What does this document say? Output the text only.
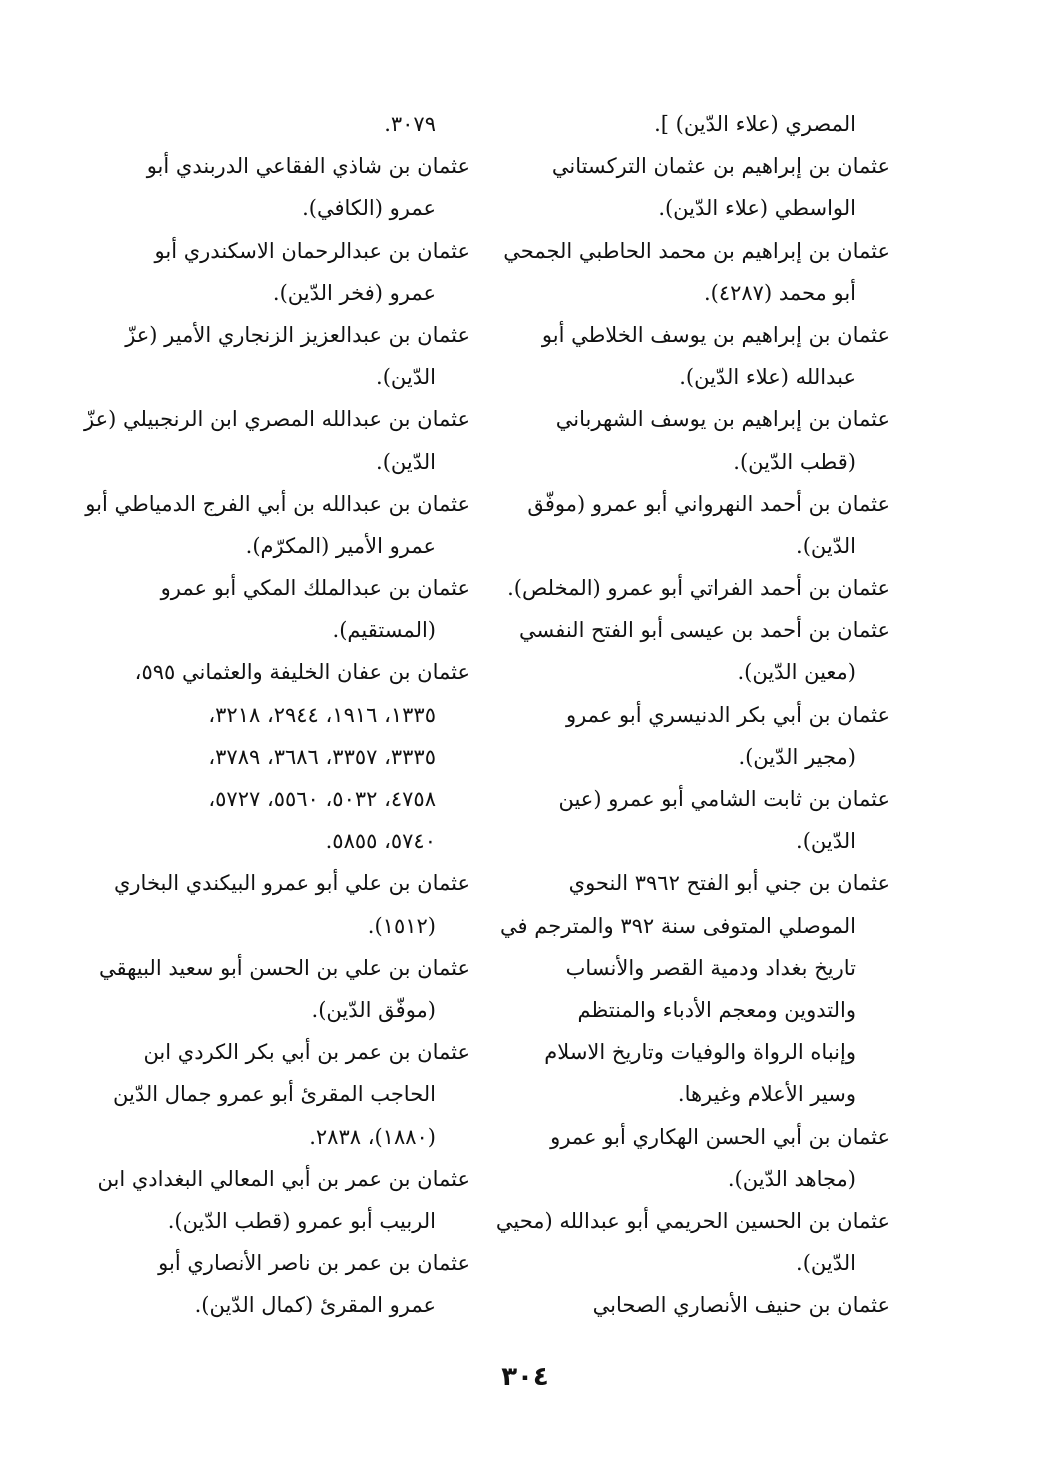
المصري (علاء الدّين) ].
عثمان بن إبراهيم بن عثمان التركستاني
الواسطي (علاء الدّين).
عثمان بن إبراهيم بن محمد الحاطبي الجمحي
أبو محمد (٤٢٨٧).
عثمان بن إبراهيم بن يوسف الخلاطي أبو
عبدالله (علاء الدّين).
عثمان بن إبراهيم بن يوسف الشهرباني
(قطب الدّين).
عثمان بن أحمد النهرواني أبو عمرو (موفّق
الدّين).
عثمان بن أحمد الفراتي أبو عمرو (المخلص).
عثمان بن أحمد بن عيسى أبو الفتح النفسي
(معين الدّين).
عثمان بن أبي بكر الدنيسري أبو عمرو
(مجير الدّين).
عثمان بن ثابت الشامي أبو عمرو (عين
الدّين).
عثمان بن جني أبو الفتح ٣٩٦٢ النحوي
الموصلي المتوفى سنة ٣٩٢ والمترجم في
تاريخ بغداد ودمية القصر والأنساب
والتدوين ومعجم الأدباء والمنتظم
وإنباه الرواة والوفيات وتاريخ الاسلام
وسير الأعلام وغيرها.
عثمان بن أبي الحسن الهكاري أبو عمرو
(مجاهد الدّين).
عثمان بن الحسين الحريمي أبو عبدالله (محيي
الدّين).
عثمان بن حنيف الأنصاري الصحابي
٣٠٧٩.
عثمان بن شاذي الفقاعي الدربندي أبو
عمرو (الكافي).
عثمان بن عبدالرحمان الاسكندري أبو
عمرو (فخر الدّين).
عثمان بن عبدالعزيز الزنجاري الأمير (عزّ
الدّين).
عثمان بن عبدالله المصري ابن الرنجبيلي (عزّ
الدّين).
عثمان بن عبدالله بن أبي الفرج الدمياطي أبو
عمرو الأمير (المكرّم).
عثمان بن عبدالملك المكي أبو عمرو
(المستقيم).
عثمان بن عفان الخليفة والعثماني ٥٩٥،
١٣٣٥، ١٩١٦، ٢٩٤٤، ٣٢١٨،
٣٣٣٥، ٣٣٥٧، ٣٦٨٦، ٣٧٨٩،
٤٧٥٨، ٥٠٣٢، ٥٥٦٠، ٥٧٢٧،
٥٧٤٠، ٥٨٥٥.
عثمان بن علي أبو عمرو البيكندي البخاري
(١٥١٢).
عثمان بن علي بن الحسن أبو سعيد البيهقي
(موفّق الدّين).
عثمان بن عمر بن أبي بكر الكردي ابن
الحاجب المقرئ أبو عمرو جمال الدّين
(١٨٨٠)، ٢٨٣٨.
عثمان بن عمر بن أبي المعالي البغدادي ابن
الربيب أبو عمرو (قطب الدّين).
عثمان بن عمر بن ناصر الأنصاري أبو
عمرو المقرئ (كمال الدّين).
٣٠٤
